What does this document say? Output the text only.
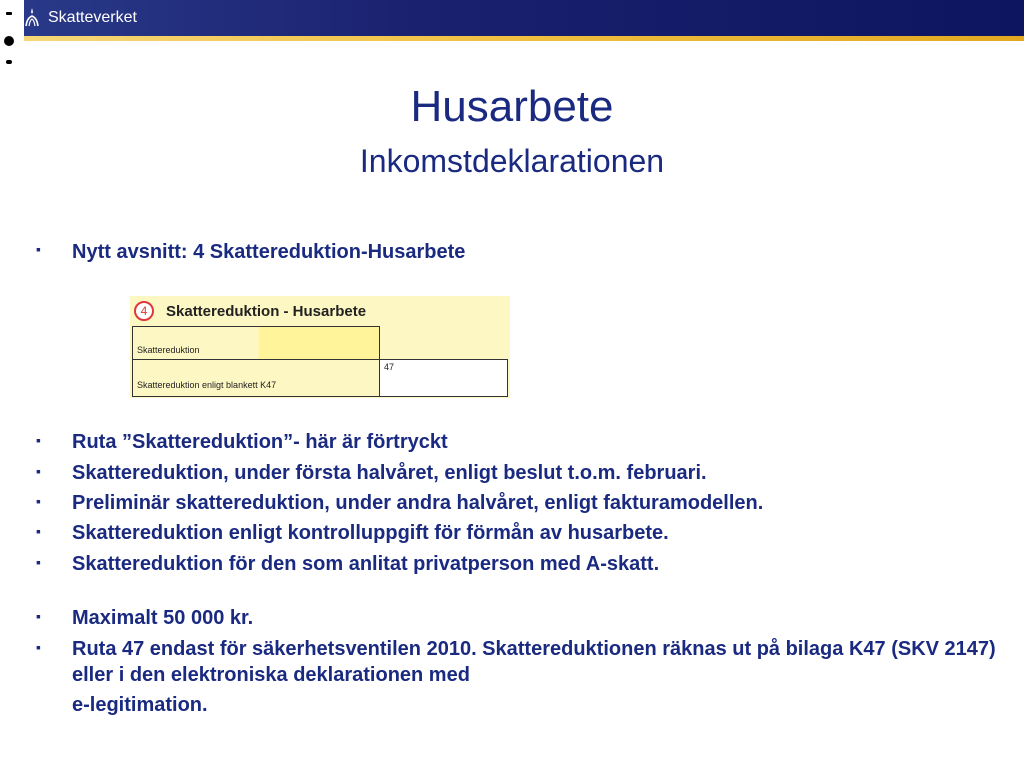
Skatteverket
Husarbete
Inkomstdeklarationen
▪ Nytt avsnitt: 4 Skattereduktion-Husarbete
4	Skattereduktion - Husarbete
Skattereduktion
Skattereduktion enligt blankett K47
47
▪ Ruta ”Skattereduktion”- här är förtryckt
▪ Skattereduktion, under första halvåret, enligt beslut t.o.m. februari.
▪ Preliminär skattereduktion, under andra halvåret, enligt fakturamodellen.
▪ Skattereduktion enligt kontrolluppgift för förmån av husarbete.
▪ Skattereduktion för den som anlitat privatperson med A-skatt.
▪ Maximalt 50 000 kr.
▪ Ruta 47 endast för säkerhetsventilen 2010. Skattereduktionen räknas ut på bilaga K47 (SKV 2147) eller i den elektroniska deklarationen med
e-legitimation.
